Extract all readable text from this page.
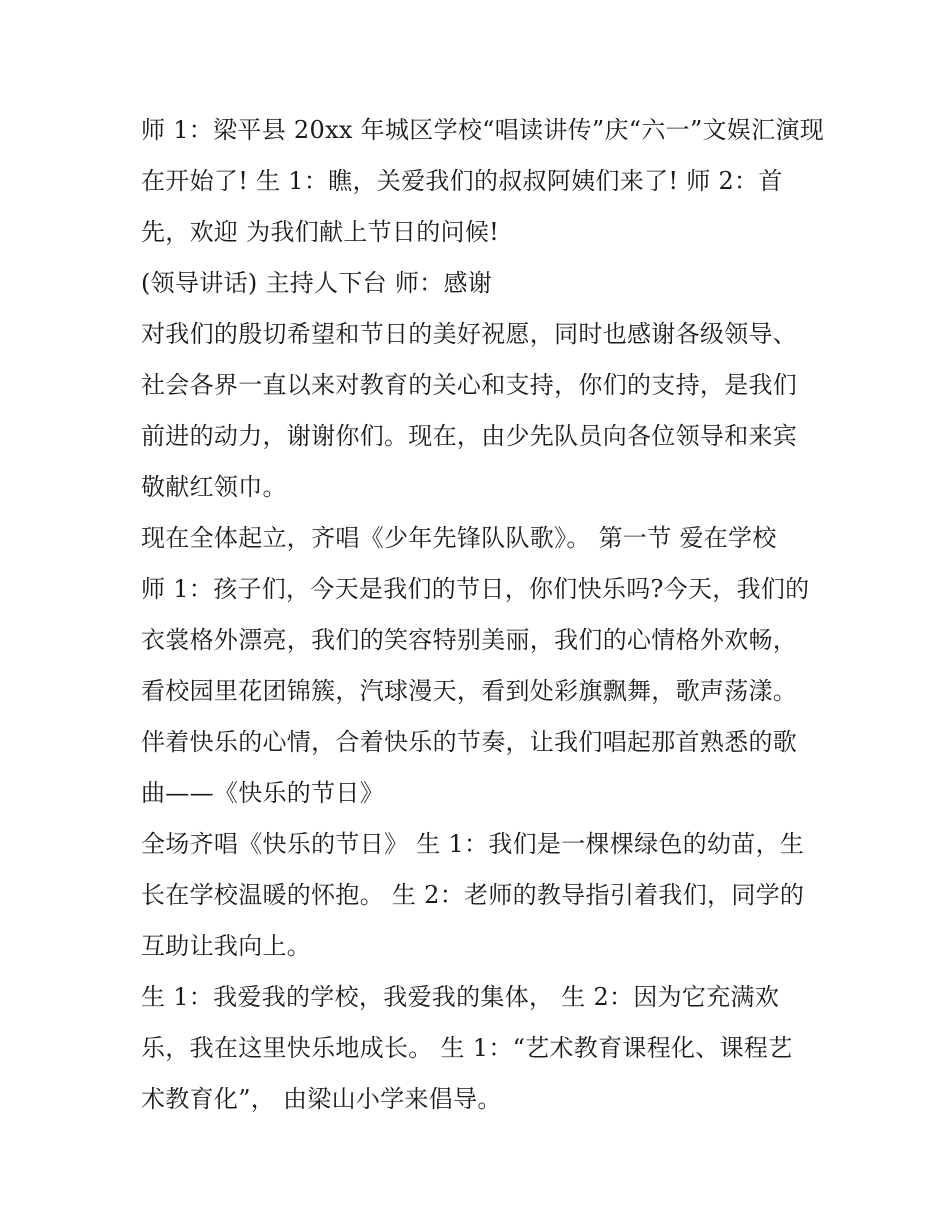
师 1：梁平县 20xx 年城区学校“唱读讲传”庆“六一”文娱汇演现
在开始了! 生 1：瞧，关爱我们的叔叔阿姨们来了! 师 2：首
先，欢迎 为我们献上节日的问候!
(领导讲话) 主持人下台 师：感谢
对我们的殷切希望和节日的美好祝愿，同时也感谢各级领导、
社会各界一直以来对教育的关心和支持，你们的支持，是我们
前进的动力，谢谢你们。现在，由少先队员向各位领导和来宾
敬献红领巾。
现在全体起立，齐唱《少年先锋队队歌》。 第一节 爱在学校
师 1：孩子们，今天是我们的节日，你们快乐吗?今天，我们的
衣裳格外漂亮，我们的笑容特别美丽，我们的心情格外欢畅，
看校园里花团锦簇，汽球漫天，看到处彩旗飘舞，歌声荡漾。
伴着快乐的心情，合着快乐的节奏，让我们唱起那首熟悉的歌
曲——《快乐的节日》
全场齐唱《快乐的节日》 生 1：我们是一棵棵绿色的幼苗，生
长在学校温暖的怀抱。 生 2：老师的教导指引着我们，同学的
互助让我向上。
生 1：我爱我的学校，我爱我的集体， 生 2：因为它充满欢
乐，我在这里快乐地成长。 生 1：“艺术教育课程化、课程艺
术教育化”， 由梁山小学来倡导。
